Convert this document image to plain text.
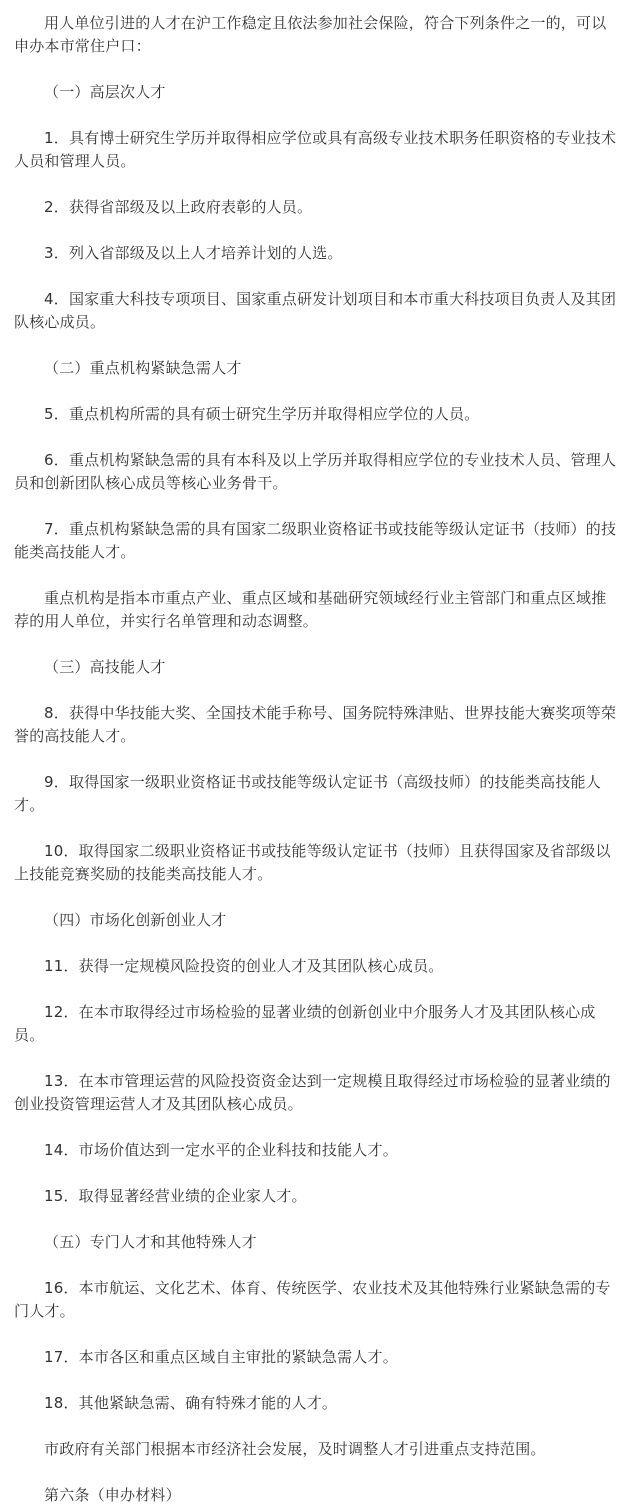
用人单位引进的人才在沪工作稳定且依法参加社会保险，符合下列条件之一的，可以申办本市常住户口：

（一）高层次人才

1．具有博士研究生学历并取得相应学位或具有高级专业技术职务任职资格的专业技术人员和管理人员。

2．获得省部级及以上政府表彰的人员。

3．列入省部级及以上人才培养计划的人选。

4．国家重大科技专项项目、国家重点研发计划项目和本市重大科技项目负责人及其团队核心成员。

（二）重点机构紧缺急需人才

5．重点机构所需的具有硕士研究生学历并取得相应学位的人员。

6．重点机构紧缺急需的具有本科及以上学历并取得相应学位的专业技术人员、管理人员和创新团队核心成员等核心业务骨干。

7．重点机构紧缺急需的具有国家二级职业资格证书或技能等级认定证书（技师）的技能类高技能人才。

重点机构是指本市重点产业、重点区域和基础研究领域经行业主管部门和重点区域推荐的用人单位，并实行名单管理和动态调整。

（三）高技能人才

8．获得中华技能大奖、全国技术能手称号、国务院特殊津贴、世界技能大赛奖项等荣誉的高技能人才。

9．取得国家一级职业资格证书或技能等级认定证书（高级技师）的技能类高技能人才。

10．取得国家二级职业资格证书或技能等级认定证书（技师）且获得国家及省部级以上技能竞赛奖励的技能类高技能人才。

（四）市场化创新创业人才

11．获得一定规模风险投资的创业人才及其团队核心成员。

12．在本市取得经过市场检验的显著业绩的创新创业中介服务人才及其团队核心成员。

13．在本市管理运营的风险投资资金达到一定规模且取得经过市场检验的显著业绩的创业投资管理运营人才及其团队核心成员。

14．市场价值达到一定水平的企业科技和技能人才。

15．取得显著经营业绩的企业家人才。

（五）专门人才和其他特殊人才

16．本市航运、文化艺术、体育、传统医学、农业技术及其他特殊行业紧缺急需的专门人才。

17．本市各区和重点区域自主审批的紧缺急需人才。

18．其他紧缺急需、确有特殊才能的人才。

市政府有关部门根据本市经济社会发展，及时调整人才引进重点支持范围。

第六条（申办材料）
